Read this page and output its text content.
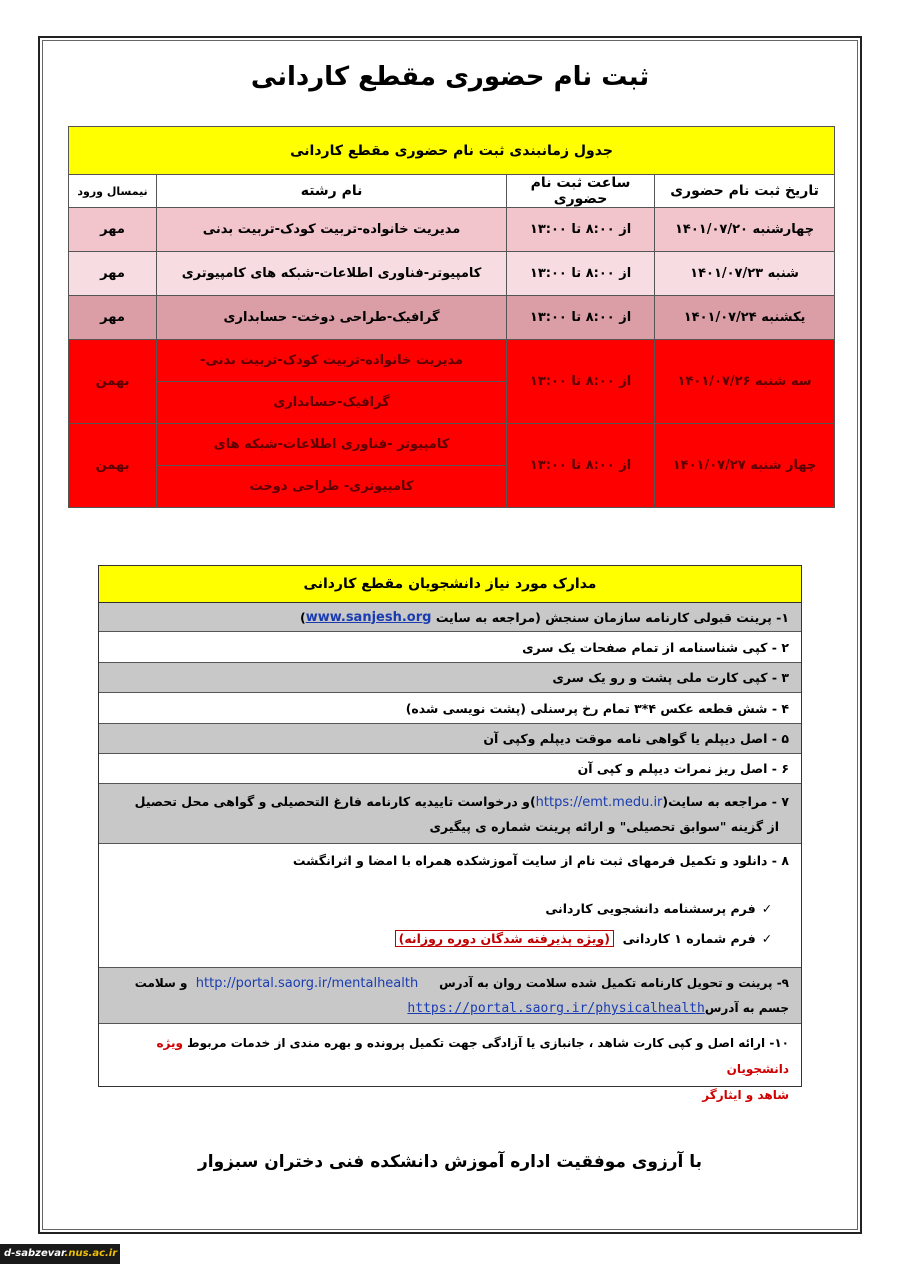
ثبت نام حضوری مقطع کاردانی
جدول زمانبندی ثبت نام حضوری مقطع کاردانی			
تاریخ ثبت نام حضوری	ساعت ثبت نام حضوری	نام رشته	نیمسال ورود
چهارشنبه ۱۴۰۱/۰۷/۲۰	از ۸:۰۰ تا ۱۳:۰۰	مدیریت خانواده-تربیت کودک-تربیت بدنی	مهر
شنبه ۱۴۰۱/۰۷/۲۳	از ۸:۰۰ تا ۱۳:۰۰	کامپیوتر-فناوری اطلاعات-شبکه های کامپیوتری	مهر
یکشنبه ۱۴۰۱/۰۷/۲۴	از ۸:۰۰ تا ۱۳:۰۰	گرافیک-طراحی دوخت- حسابداری	مهر
سه شنبه ۱۴۰۱/۰۷/۲۶	از ۸:۰۰ تا ۱۳:۰۰	مدیریت خانواده-تربیت کودک-تربیت بدنی-	بهمن
		گرافیک-حسابداری	
چهار شنبه ۱۴۰۱/۰۷/۲۷	از ۸:۰۰ تا ۱۳:۰۰	کامپیوتر -فناوری اطلاعات-شبکه های	بهمن
		کامپیوتری- طراحی دوخت	
مدارک مورد نیاز دانشجویان مقطع کاردانی
۱- پرینت قبولی کارنامه سازمان سنجش (مراجعه به سایت

www.sanjesh.org
)
۲ - کپی شناسنامه از تمام صفحات یک سری
۳ - کپی کارت ملی پشت و رو یک سری
۴ - شش قطعه عکس ۴*۳ تمام رخ پرسنلی (پشت نویسی شده)
۵ - اصل دیپلم یا گواهی نامه موقت دیپلم وکپی آن
۶ - اصل ریز نمرات دیپلم و کپی آن
۷ - مراجعه به سایت(https://emt.medu.ir)و درخواست تاییدیه کارنامه فارغ التحصیلی و گواهی محل تحصیل
از گزینه "سوابق تحصیلی" و ارائه پرینت شماره ی پیگیری
۸ - دانلود و تکمیل فرمهای ثبت نام از سایت آموزشکده همراه با امضا و اثرانگشت
✓ فرم پرسشنامه دانشجویی کاردانی
✓ فرم شماره ۱ کاردانی  (ویژه پذیرفته شدگان دوره روزانه)
۹- پرینت و تحویل کارنامه تکمیل شده سلامت روان به آدرس     http://portal.saorg.ir/mentalhealth  و سلامت
جسم به آدرسhttps://portal.saorg.ir/physicalhealth
۱۰- ارائه اصل و کپی کارت شاهد ، جانبازی یا آزادگی جهت تکمیل پرونده و بهره مندی از خدمات مربوط ویژه دانشجویان
شاهد و ایثارگر
با آرزوی موفقیت اداره آموزش دانشکده فنی دختران سبزوار
d-sabzevar.nus.ac.ir
